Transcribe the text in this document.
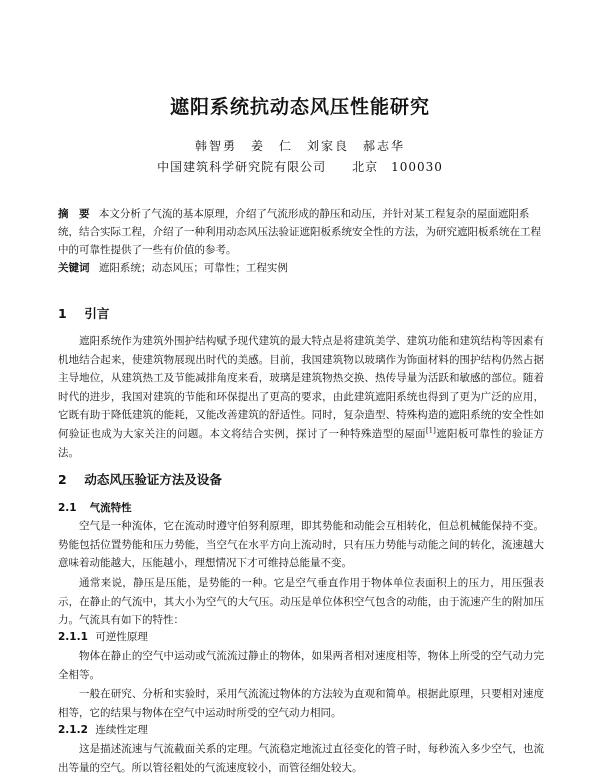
遮阳系统抗动态风压性能研究
韩智勇　姜　仁　刘家良　郝志华
中国建筑科学研究院有限公司　　北京　100030
摘　要 本文分析了气流的基本原理，介绍了气流形成的静压和动压，并针对某工程复杂的屋面遮阳系统，结合实际工程，介绍了一种利用动态风压法验证遮阳板系统安全性的方法，为研究遮阳板系统在工程中的可靠性提供了一些有价值的参考。
关键词 遮阳系统；动态风压；可靠性；工程实例
1 引言

遮阳系统作为建筑外围护结构赋予现代建筑的最大特点是将建筑美学、建筑功能和建筑结构等因素有机地结合起来，使建筑物展现出时代的美感。目前，我国建筑物以玻璃作为饰面材料的围护结构仍然占据主导地位，从建筑热工及节能减排角度来看，玻璃是建筑物热交换、热传导量为活跃和敏感的部位。随着时代的进步，我国对建筑的节能和环保提出了更高的要求，由此建筑遮阳系统也得到了更为广泛的应用，它既有助于降低建筑的能耗，又能改善建筑的舒适性。同时，复杂造型、特殊构造的遮阳系统的安全性如何验证也成为大家关注的问题。本文将结合实例，探讨了一种特殊造型的屋面[1]遮阳板可靠性的验证方法。

2 动态风压验证方法及设备
2.1 气流特性

空气是一种流体，它在流动时遵守伯努利原理，即其势能和动能会互相转化，但总机械能保持不变。势能包括位置势能和压力势能，当空气在水平方向上流动时，只有压力势能与动能之间的转化，流速越大意味着动能越大，压能越小，理想情况下才可维持总能量不变。

通常来说，静压是压能，是势能的一种。它是空气垂直作用于物体单位表面积上的压力，用压强表示，在静止的气流中，其大小为空气的大气压。动压是单位体积空气包含的动能，由于流速产生的附加压力。气流具有如下的特性：

2.1.1 可逆性原理

物体在静止的空气中运动或气流流过静止的物体，如果两者相对速度相等，物体上所受的空气动力完全相等。

一般在研究、分析和实验时，采用气流流过物体的方法较为直观和简单。根据此原理，只要相对速度相等，它的结果与物体在空气中运动时所受的空气动力相同。

2.1.2 连续性定理

这是描述流速与气流截面关系的定理。气流稳定地流过直径变化的管子时，每秒流入多少空气，也流出等量的空气。所以管径粗处的气流速度较小，而管径细处较大。
